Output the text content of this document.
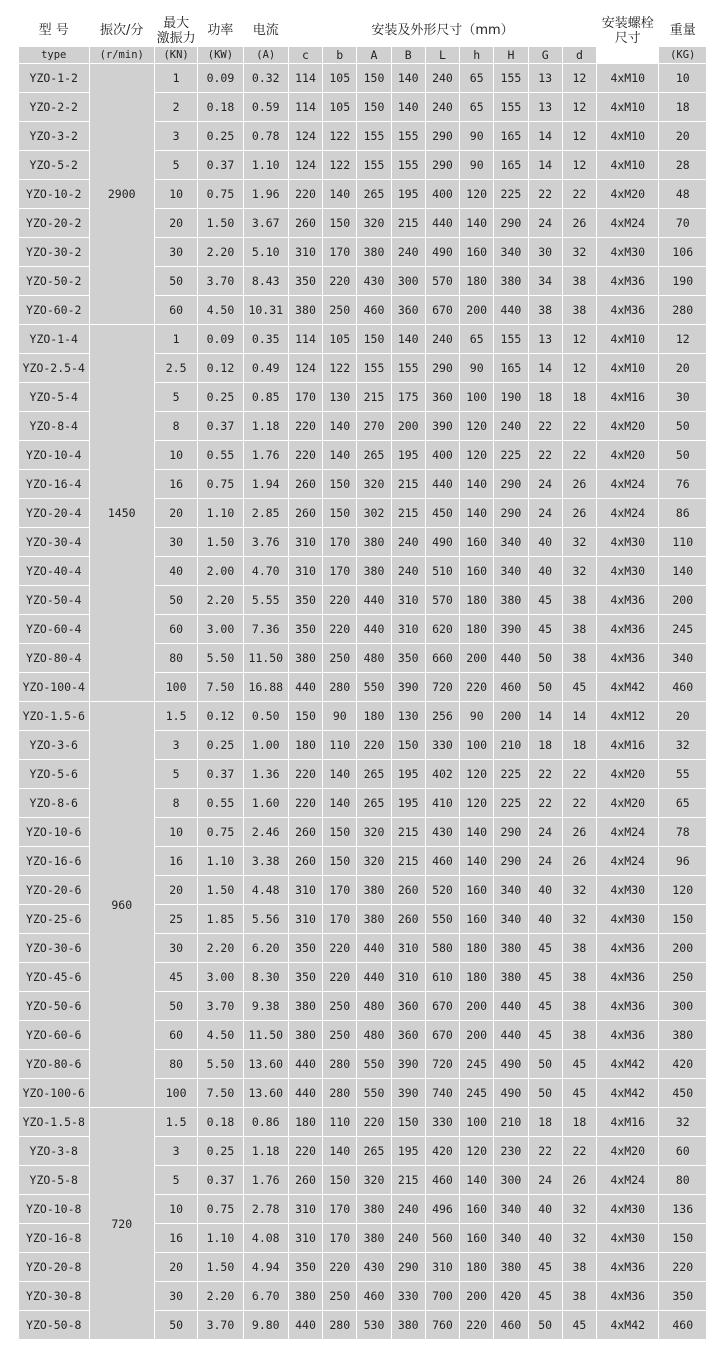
型 号	振次/分	最大
激振力	功率	电流	安装及外形尺寸（mm）									安装螺栓
尺寸	重量
type	(r/min)	(KN)	(KW)	(A)	c	b	A	B	L	h	H	G	d		(KG)

YZO-1-2	2900	1	0.09	0.32	114	105	150	140	240	65	155	13	12	4xM10	10
YZO-2-2		2	0.18	0.59	114	105	150	140	240	65	155	13	12	4xM10	18
YZO-3-2		3	0.25	0.78	124	122	155	155	290	90	165	14	12	4xM10	20
YZO-5-2		5	0.37	1.10	124	122	155	155	290	90	165	14	12	4xM10	28
YZO-10-2		10	0.75	1.96	220	140	265	195	400	120	225	22	22	4xM20	48
YZO-20-2		20	1.50	3.67	260	150	320	215	440	140	290	24	26	4xM24	70
YZO-30-2		30	2.20	5.10	310	170	380	240	490	160	340	30	32	4xM30	106
YZO-50-2		50	3.70	8.43	350	220	430	300	570	180	380	34	38	4xM36	190
YZO-60-2		60	4.50	10.31	380	250	460	360	670	200	440	38	38	4xM36	280
YZO-1-4	1450	1	0.09	0.35	114	105	150	140	240	65	155	13	12	4xM10	12
YZO-2.5-4		2.5	0.12	0.49	124	122	155	155	290	90	165	14	12	4xM10	20
YZO-5-4		5	0.25	0.85	170	130	215	175	360	100	190	18	18	4xM16	30
YZO-8-4		8	0.37	1.18	220	140	270	200	390	120	240	22	22	4xM20	50
YZO-10-4		10	0.55	1.76	220	140	265	195	400	120	225	22	22	4xM20	50
YZO-16-4		16	0.75	1.94	260	150	320	215	440	140	290	24	26	4xM24	76
YZO-20-4		20	1.10	2.85	260	150	302	215	450	140	290	24	26	4xM24	86
YZO-30-4		30	1.50	3.76	310	170	380	240	490	160	340	40	32	4xM30	110
YZO-40-4		40	2.00	4.70	310	170	380	240	510	160	340	40	32	4xM30	140
YZO-50-4		50	2.20	5.55	350	220	440	310	570	180	380	45	38	4xM36	200
YZO-60-4		60	3.00	7.36	350	220	440	310	620	180	390	45	38	4xM36	245
YZO-80-4		80	5.50	11.50	380	250	480	350	660	200	440	50	38	4xM36	340
YZO-100-4		100	7.50	16.88	440	280	550	390	720	220	460	50	45	4xM42	460
YZO-1.5-6	960	1.5	0.12	0.50	150	90	180	130	256	90	200	14	14	4xM12	20
YZO-3-6		3	0.25	1.00	180	110	220	150	330	100	210	18	18	4xM16	32
YZO-5-6		5	0.37	1.36	220	140	265	195	402	120	225	22	22	4xM20	55
YZO-8-6		8	0.55	1.60	220	140	265	195	410	120	225	22	22	4xM20	65
YZO-10-6		10	0.75	2.46	260	150	320	215	430	140	290	24	26	4xM24	78
YZO-16-6		16	1.10	3.38	260	150	320	215	460	140	290	24	26	4xM24	96
YZO-20-6		20	1.50	4.48	310	170	380	260	520	160	340	40	32	4xM30	120
YZO-25-6		25	1.85	5.56	310	170	380	260	550	160	340	40	32	4xM30	150
YZO-30-6		30	2.20	6.20	350	220	440	310	580	180	380	45	38	4xM36	200
YZO-45-6		45	3.00	8.30	350	220	440	310	610	180	380	45	38	4xM36	250
YZO-50-6		50	3.70	9.38	380	250	480	360	670	200	440	45	38	4xM36	300
YZO-60-6		60	4.50	11.50	380	250	480	360	670	200	440	45	38	4xM36	380
YZO-80-6		80	5.50	13.60	440	280	550	390	720	245	490	50	45	4xM42	420
YZO-100-6		100	7.50	13.60	440	280	550	390	740	245	490	50	45	4xM42	450
YZO-1.5-8	720	1.5	0.18	0.86	180	110	220	150	330	100	210	18	18	4xM16	32
YZO-3-8		3	0.25	1.18	220	140	265	195	420	120	230	22	22	4xM20	60
YZO-5-8		5	0.37	1.76	260	150	320	215	460	140	300	24	26	4xM24	80
YZO-10-8		10	0.75	2.78	310	170	380	240	496	160	340	40	32	4xM30	136
YZO-16-8		16	1.10	4.08	310	170	380	240	560	160	340	40	32	4xM30	150
YZO-20-8		20	1.50	4.94	350	220	430	290	310	180	380	45	38	4xM36	220
YZO-30-8		30	2.20	6.70	380	250	460	330	700	200	420	45	38	4xM36	350
YZO-50-8		50	3.70	9.80	440	280	530	380	760	220	460	50	45	4xM42	460
